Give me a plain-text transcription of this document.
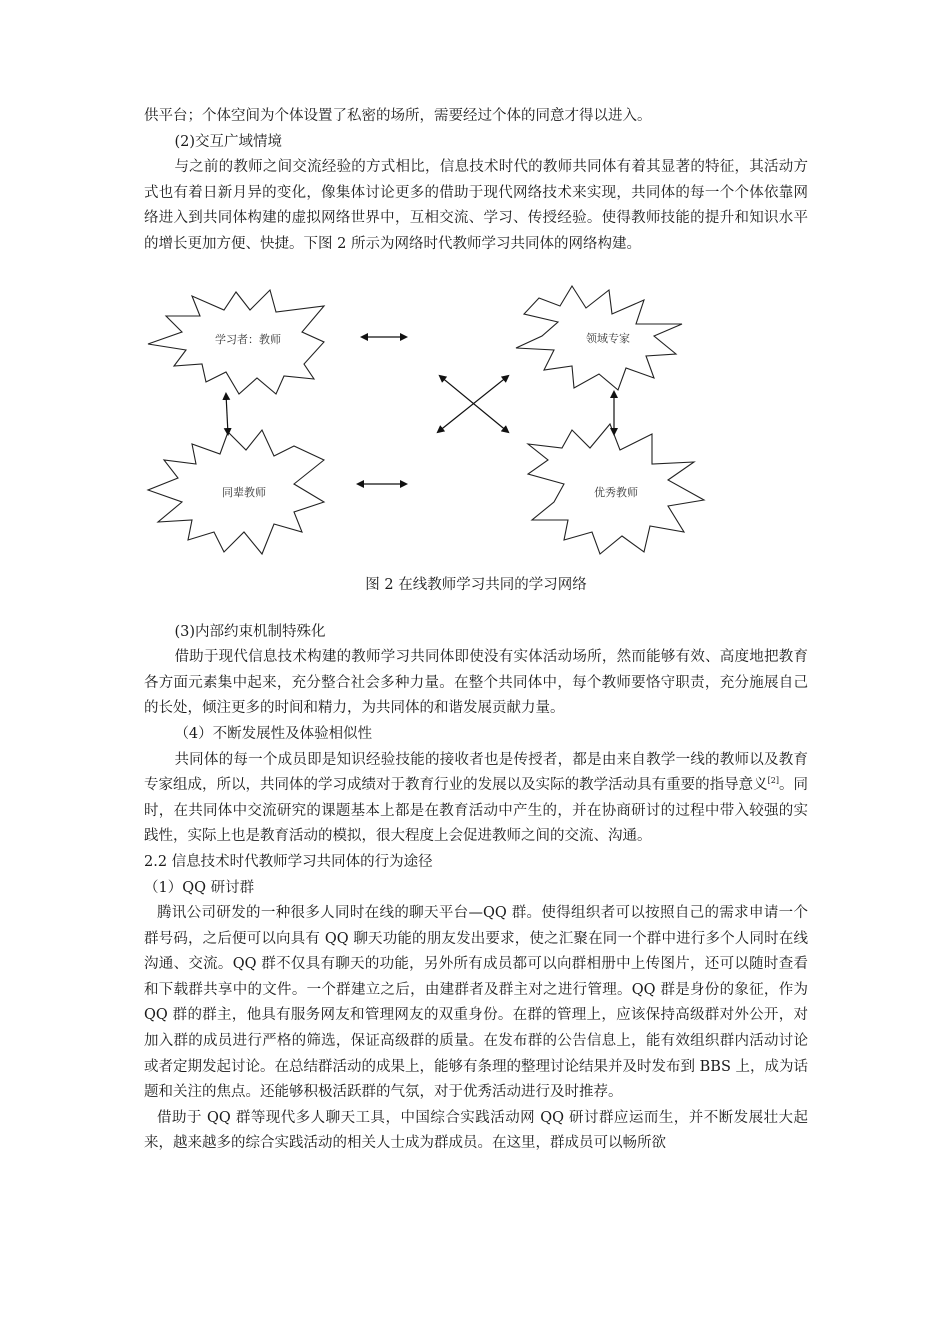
供平台；个体空间为个体设置了私密的场所，需要经过个体的同意才得以进入。

(2)交互广域情境

与之前的教师之间交流经验的方式相比，信息技术时代的教师共同体有着其显著的特征，其活动方式也有着日新月异的变化，像集体讨论更多的借助于现代网络技术来实现，共同体的每一个个体依靠网络进入到共同体构建的虚拟网络世界中，互相交流、学习、传授经验。使得教师技能的提升和知识水平的增长更加方便、快捷。下图 2 所示为网络时代教师学习共同体的网络构建。

学习者：教师	领域专家
同辈教师	优秀教师

图 2 在线教师学习共同的学习网络

(3)内部约束机制特殊化

借助于现代信息技术构建的教师学习共同体即使没有实体活动场所，然而能够有效、高度地把教育各方面元素集中起来，充分整合社会多种力量。在整个共同体中，每个教师要恪守职责，充分施展自己的长处，倾注更多的时间和精力，为共同体的和谐发展贡献力量。

（4）不断发展性及体验相似性

共同体的每一个成员即是知识经验技能的接收者也是传授者，都是由来自教学一线的教师以及教育专家组成，所以，共同体的学习成绩对于教育行业的发展以及实际的教学活动具有重要的指导意义[2]。同时，在共同体中交流研究的课题基本上都是在教育活动中产生的，并在协商研讨的过程中带入较强的实践性，实际上也是教育活动的模拟，很大程度上会促进教师之间的交流、沟通。

2.2 信息技术时代教师学习共同体的行为途径

（1）QQ 研讨群

腾讯公司研发的一种很多人同时在线的聊天平台—QQ 群。使得组织者可以按照自己的需求申请一个群号码，之后便可以向具有 QQ 聊天功能的朋友发出要求，使之汇聚在同一个群中进行多个人同时在线沟通、交流。QQ 群不仅具有聊天的功能，另外所有成员都可以向群相册中上传图片，还可以随时查看和下载群共享中的文件。一个群建立之后，由建群者及群主对之进行管理。QQ 群是身份的象征，作为 QQ 群的群主，他具有服务网友和管理网友的双重身份。在群的管理上，应该保持高级群对外公开，对加入群的成员进行严格的筛选，保证高级群的质量。在发布群的公告信息上，能有效组织群内活动讨论或者定期发起讨论。在总结群活动的成果上，能够有条理的整理讨论结果并及时发布到 BBS 上，成为话题和关注的焦点。还能够积极活跃群的气氛，对于优秀活动进行及时推荐。

借助于 QQ 群等现代多人聊天工具，中国综合实践活动网 QQ 研讨群应运而生，并不断发展壮大起来，越来越多的综合实践活动的相关人士成为群成员。在这里，群成员可以畅所欲
